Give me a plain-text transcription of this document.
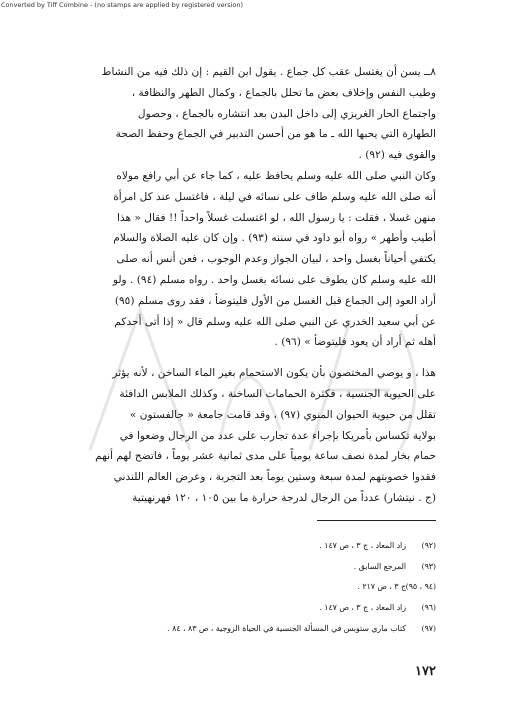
Converted by Tiff Combine - (no stamps are applied by registered version)
٨ــ يسن أن يغتسل عقب كل جماع . يقول ابن القيم : إن ذلك فيه من النشاط
وطيب النفس وإخلاف بعض ما تحلل بالجماع ، وكمال الطهر والنظافة ،
واجتماع الحار الغريزي إلى داخل البدن بعد انتشاره بالجماع ، وحصول
الطهارة التي يحبها الله ـ ما هو من أحسن التدبير في الجماع وحفظ الصحة
والقوى فيه (٩٢) .
وكان النبي صلى الله عليه وسلم يحافظ عليه ، كما جاء عن أبي رافع مولاه
أنه صلى الله عليه وسلم طاف على نسائه في ليلة ، فاغتسل عند كل امرأة
منهن غسلا ، فقلت : يا رسول الله ، لو اغتسلت غسلاً واحداً !! فقال « هذا
أطيب وأطهر » رواه أبو داود في سننه (٩٣) . وإن كان عليه الصلاة والسلام
يكتفي أحياناً بغسل واحد ، لبيان الجواز وعدم الوجوب ، فعن أنس أنه صلى
الله عليه وسلم كان يطوف على نسائه بغسل واحد . رواه مسلم (٩٤) . ولو
أراد العود إلى الجماع قبل الغسل من الأول فليتوضأ ، فقد روى مسلم (٩٥)
عن أبي سعيد الخدري عن النبي صلى الله عليه وسلم قال « إذا أتى أحدكم
أهله ثم أراد أن يعود فليتوضأ » (٩٦) .
هذا ، و يوصي المختصون بأن يكون الاستحمام بغير الماء الساخن ، لأنه يؤثر
على الحيوية الجنسية ، فكثرة الحمامات الساخنة ، وكذلك الملابس الدافئة
تقلل من حيوية الحيوان المنوي (٩٧) ، وقد قامت جامعة « جالفستون »
بولاية تكساس بأمريكا بإجراء عدة تجارب على عدد من الرجال وضعوا في
حمام بخار لمدة نصف ساعة يومياً على مدى ثمانية عشر يوماً ، فاتضح لهم أنهم
فقدوا خصوبتهم لمدة سبعة وستين يوماً بعد التجربة ، وعرض العالم اللندني
(ج . نيتشار) عدداً من الرجال لدرجة حرارة ما بين ١٠٥ ، ١٢٠ فهرنهيتية
(٩٢)زاد المعاد ، ج ٣ ، ص ١٤٧ .
(٩٣)المرجع السابق .
(٩٤ ، ٩٥)ج ٣ ، ص ٢١٧ .
(٩٦)زاد المعاد ، ج ٣ ، ص ١٤٧ .
(٩٧)كتاب ماري ستوبس في المسألة الجنسية في الحياة الزوجية ، ص ٨٣ ، ٨٤ .
١٧٢
